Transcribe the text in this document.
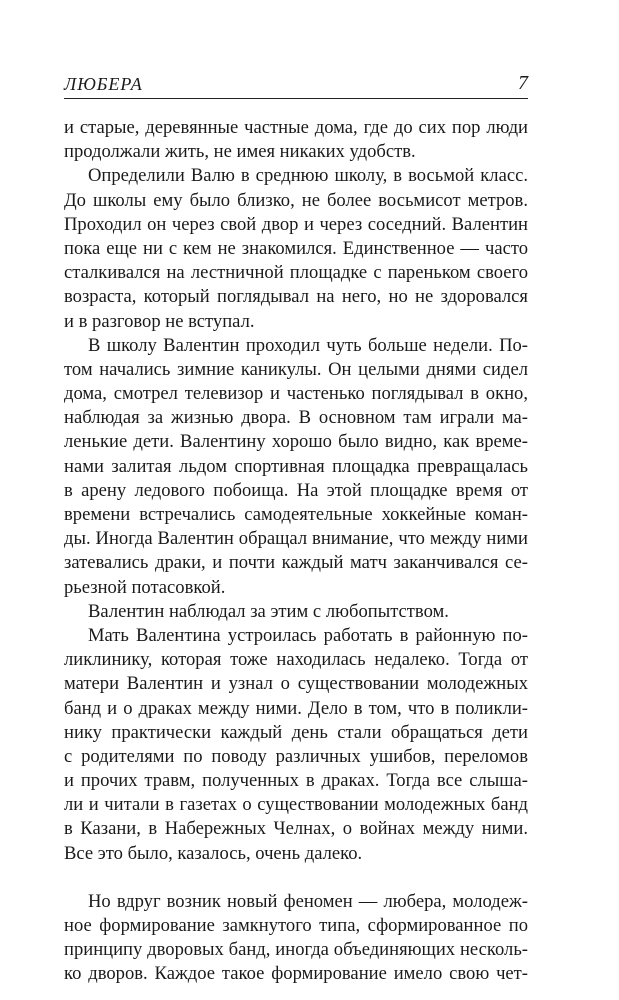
ЛЮБЕРА	7
и старые, деревянные частные дома, где до сих пор люди
продолжали жить, не имея никаких удобств.
Определили Валю в среднюю школу, в восьмой класс.
До школы ему было близко, не более восьмисот метров.
Проходил он через свой двор и через соседний. Валентин
пока еще ни с кем не знакомился. Единственное — часто
сталкивался на лестничной площадке с пареньком своего
возраста, который поглядывал на него, но не здоровался
и в разговор не вступал.
В школу Валентин проходил чуть больше недели. По-
том начались зимние каникулы. Он целыми днями сидел
дома, смотрел телевизор и частенько поглядывал в окно,
наблюдая за жизнью двора. В основном там играли ма-
ленькие дети. Валентину хорошо было видно, как време-
нами залитая льдом спортивная площадка превращалась
в арену ледового побоища. На этой площадке время от
времени встречались самодеятельные хоккейные коман-
ды. Иногда Валентин обращал внимание, что между ними
затевались драки, и почти каждый матч заканчивался се-
рьезной потасовкой.
Валентин наблюдал за этим с любопытством.
Мать Валентина устроилась работать в районную по-
ликлинику, которая тоже находилась недалеко. Тогда от
матери Валентин и узнал о существовании молодежных
банд и о драках между ними. Дело в том, что в поликли-
нику практически каждый день стали обращаться дети
с родителями по поводу различных ушибов, переломов
и прочих травм, полученных в драках. Тогда все слыша-
ли и читали в газетах о существовании молодежных банд
в Казани, в Набережных Челнах, о войнах между ними.
Все это было, казалось, очень далеко.
Но вдруг возник новый феномен — любера, молодеж-
ное формирование замкнутого типа, сформированное по
принципу дворовых банд, иногда объединяющих несколь-
ко дворов. Каждое такое формирование имело свою чет-
